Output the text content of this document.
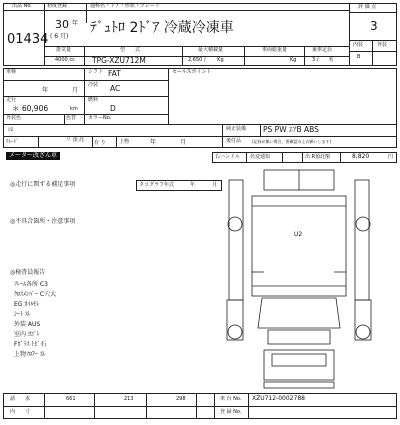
出品 No.
01434
初度登録	通称名・ドア・形状・グレード
30 年
( 6 月)
ﾃﾞｭﾄﾛ 2ﾄﾞｱ 冷蔵冷凍車
評 価 点
3
内装	外装
B
排気量
4000 cc
型　　式
TPG-XZU712M
最大積載量
2,650 /　　 Kg
車両総重量
Kg
乗車定員
3 /　　名
車検	シフト FAT	セールスポイント
年	月
冷装 AC
走行
＊ 60,906	km
燃料
D
外装色	色替 カラーNo.
ｼﾛ	純正装備 PS PW ｴｱB ABS
後付品	(記録が無い場合、要確認の上お願いします)
ｸﾚｰﾄﾞ	リ 預 託 有 り	上物	年	月
メーター改ざん車	右ハンドル 名変通知	出 R預託額	8,820	円
◎走行に関する補足事項	タコグラフ年式	年	月
◎不具合箇所・注意事項
◎検査員報告
ﾌﾚｰﾑ各所 C3
ｸﾛｽﾒﾝﾊﾞｰ C穴大
EG ｵｲﾙﾓﾚ
ｼｰﾄ ｽﾚ
外装 AUS
室内 ﾖｺﾞﾚ
Fｶﾞﾗｽ ﾄﾋﾞ石
上物ﾌﾛｱｰ ｽﾚ
U2
請　　求	661	213	298	車 台 No. XZU712-0002788
内　　寸	登 録 No.
